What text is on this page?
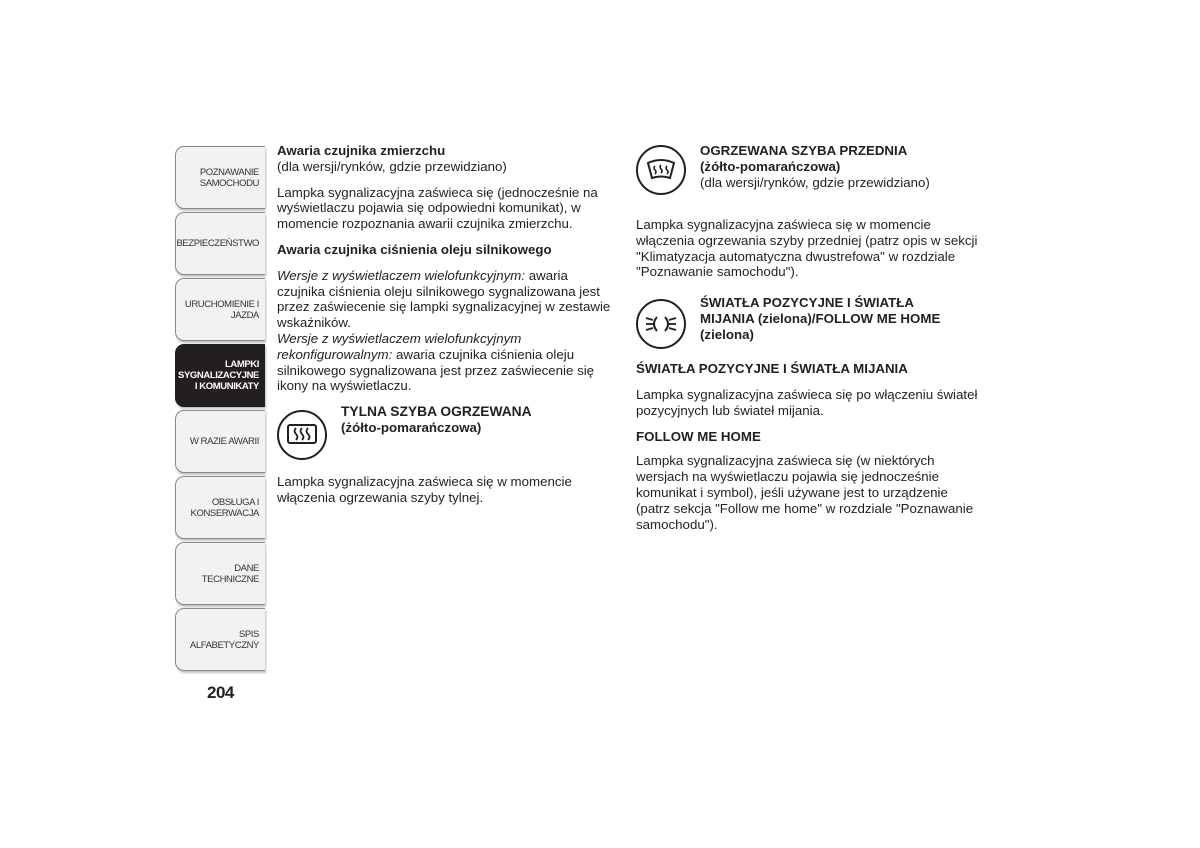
POZNAWANIE
SAMOCHODU
BEZPIECZEŃSTWO
URUCHOMIENIE I
JAZDA
LAMPKI
SYGNALIZACYJNE
I KOMUNIKATY
W RAZIE AWARII
OBSŁUGA I
KONSERWACJA
DANE TECHNICZNE
SPIS ALFABETYCZNY
204

Awaria czujnika zmierzchu

(dla wersji/rynków, gdzie przewidziano)

Lampka sygnalizacyjna zaświeca się (jednocześnie na wyświetlaczu pojawia się odpowiedni komunikat), w momencie rozpoznania awarii czujnika zmierzchu.

Awaria czujnika ciśnienia oleju silnikowego

Wersje z wyświetlaczem wielofunkcyjnym: awaria czujnika ciśnienia oleju silnikowego sygnalizowana jest przez zaświecenie się lampki sygnalizacyjnej w zestawie wskaźników.

Wersje z wyświetlaczem wielofunkcyjnym rekonfigurowalnym: awaria czujnika ciśnienia oleju silnikowego sygnalizowana jest przez zaświecenie się ikony na wyświetlaczu.

TYLNA SZYBA OGRZEWANA

(żółto-pomarańczowa)

Lampka sygnalizacyjna zaświeca się w momencie włączenia ogrzewania szyby tylnej.

OGRZEWANA SZYBA PRZEDNIA

(żółto-pomarańczowa)

(dla wersji/rynków, gdzie przewidziano)

Lampka sygnalizacyjna zaświeca się w momencie włączenia ogrzewania szyby przedniej (patrz opis w sekcji "Klimatyzacja automatyczna dwustrefowa" w rozdziale "Poznawanie samochodu").

ŚWIATŁA POZYCYJNE I ŚWIATŁA MIJANIA (zielona)/FOLLOW ME HOME (zielona)

ŚWIATŁA POZYCYJNE I ŚWIATŁA MIJANIA

Lampka sygnalizacyjna zaświeca się po włączeniu świateł pozycyjnych lub świateł mijania.

FOLLOW ME HOME

Lampka sygnalizacyjna zaświeca się (w niektórych wersjach na wyświetlaczu pojawia się jednocześnie komunikat i symbol), jeśli używane jest to urządzenie (patrz sekcja "Follow me home" w rozdziale "Poznawanie samochodu").
